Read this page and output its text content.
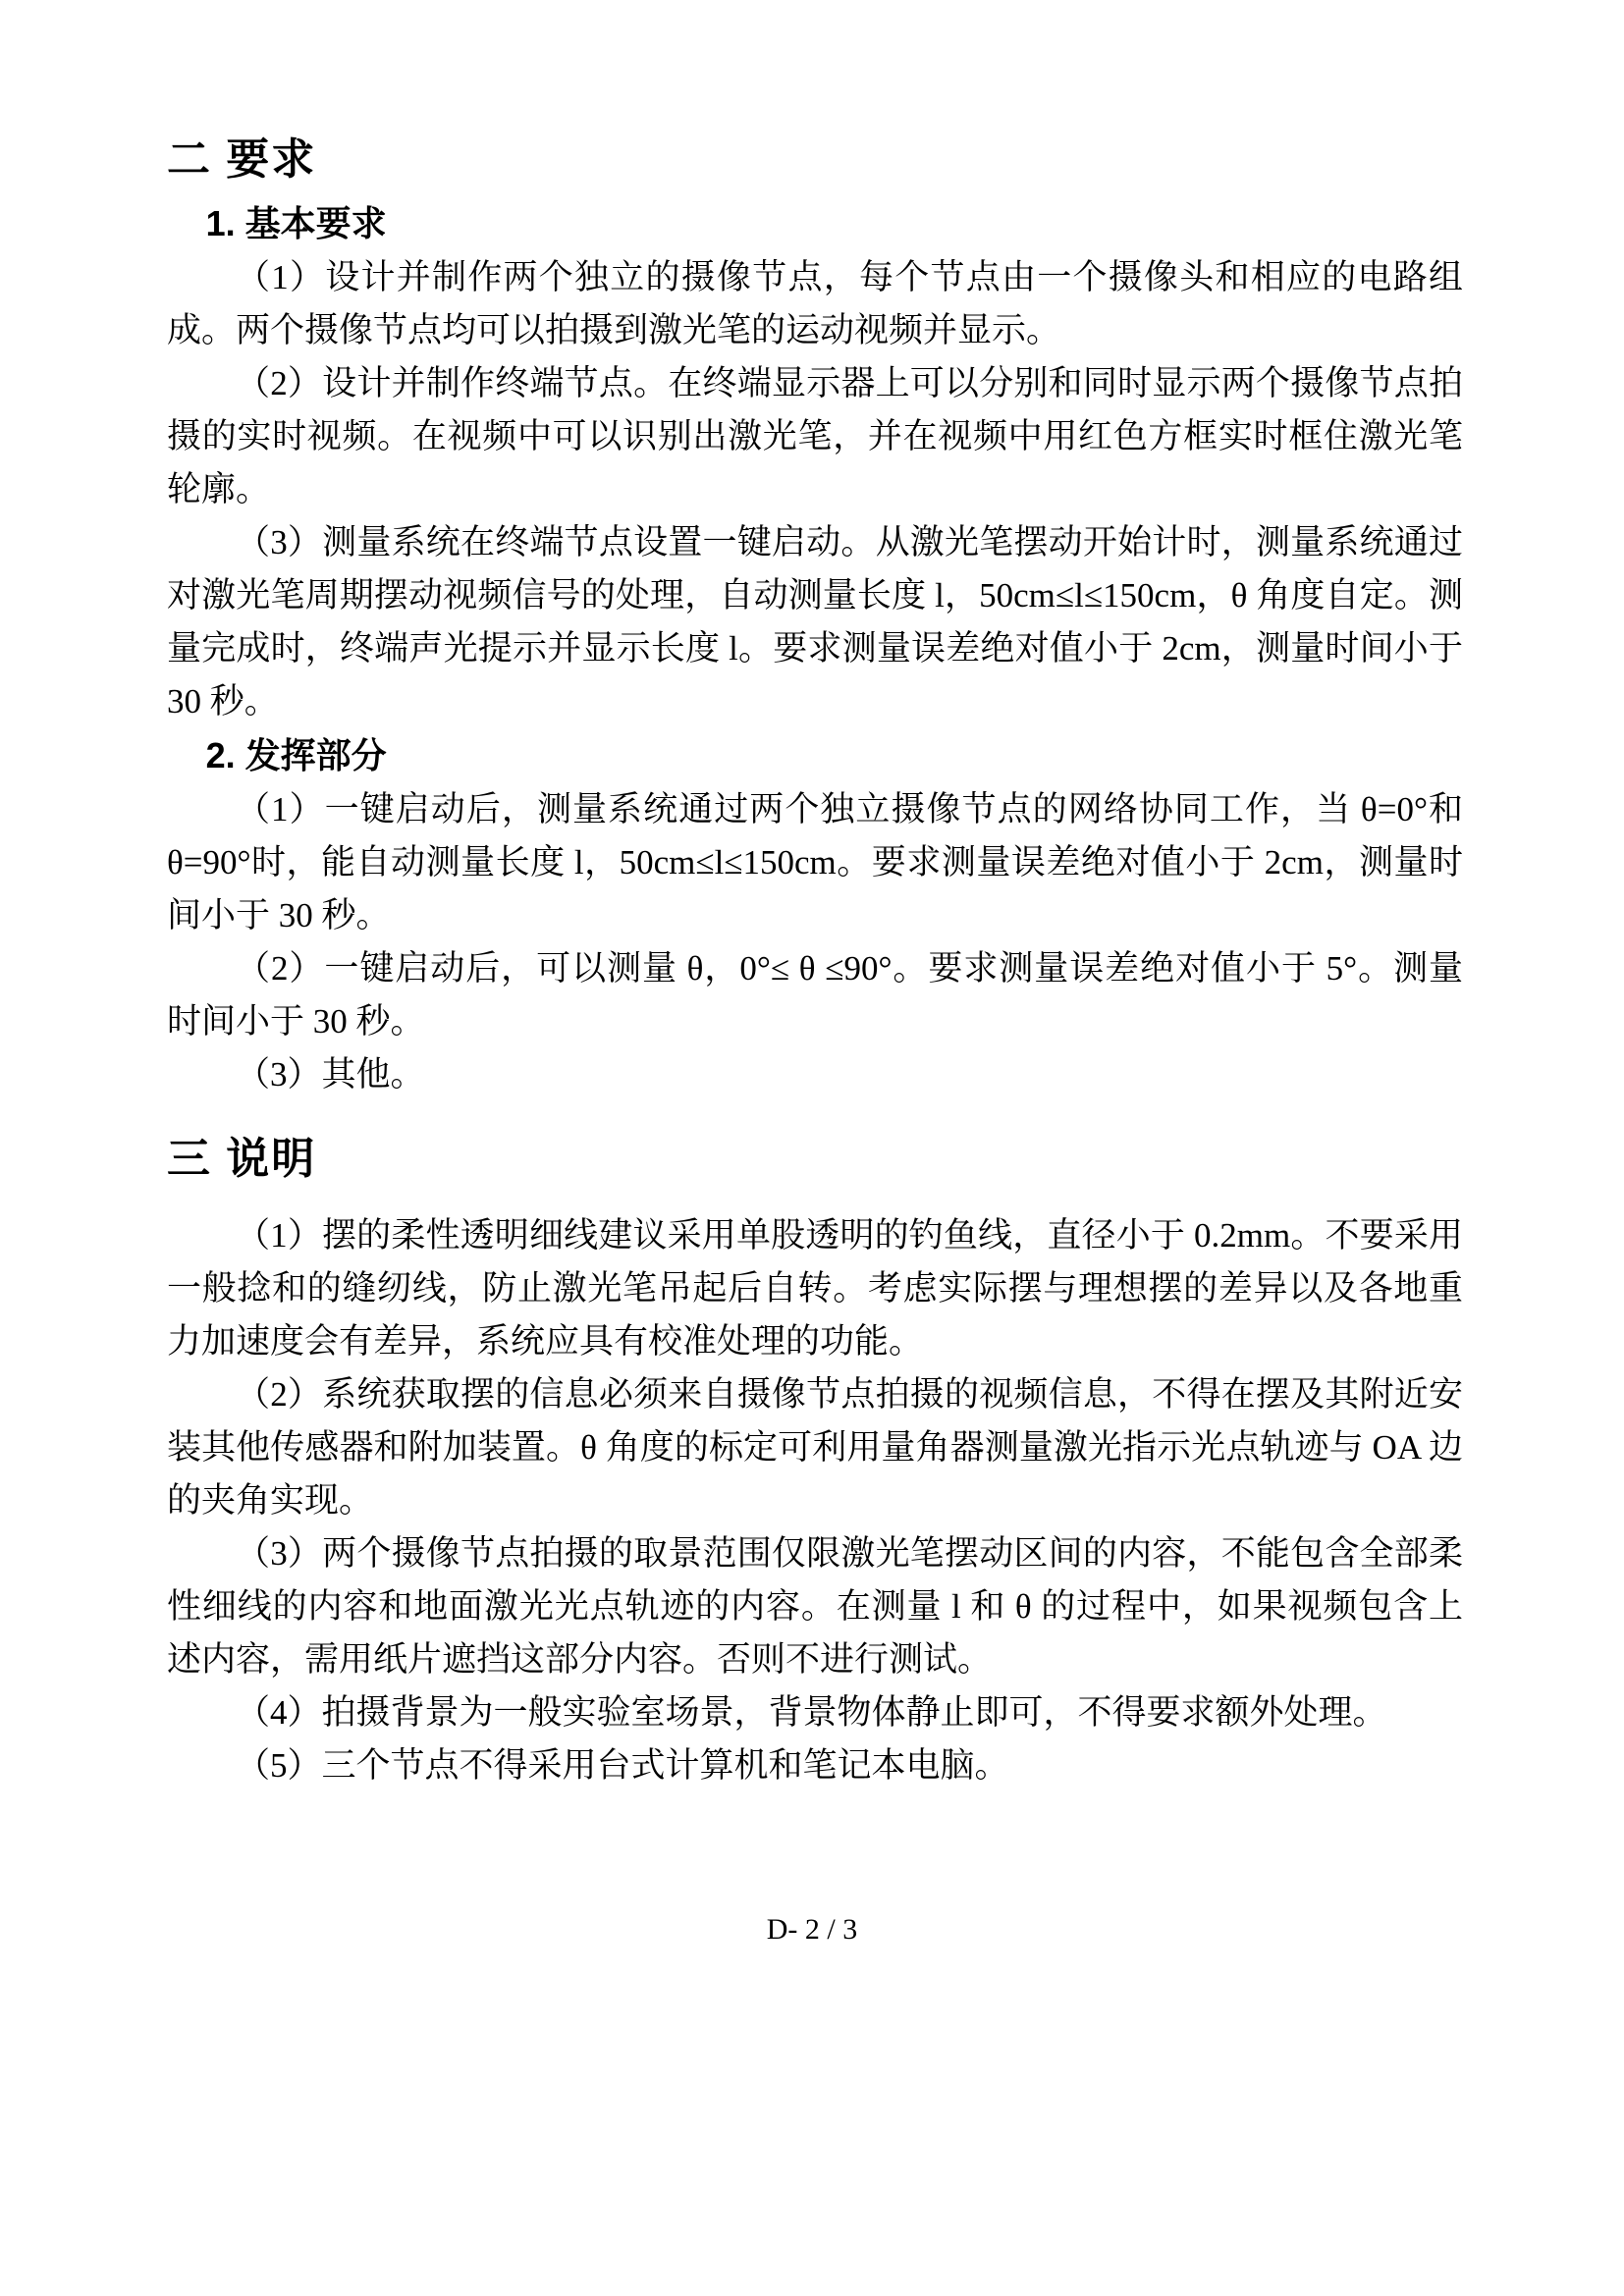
二 要求
1. 基本要求

（1）设计并制作两个独立的摄像节点，每个节点由一个摄像头和相应的电路组成。两个摄像节点均可以拍摄到激光笔的运动视频并显示。

（2）设计并制作终端节点。在终端显示器上可以分别和同时显示两个摄像节点拍摄的实时视频。在视频中可以识别出激光笔，并在视频中用红色方框实时框住激光笔轮廓。

（3）测量系统在终端节点设置一键启动。从激光笔摆动开始计时，测量系统通过对激光笔周期摆动视频信号的处理，自动测量长度 l，50cm≤l≤150cm，θ 角度自定。测量完成时，终端声光提示并显示长度 l。要求测量误差绝对值小于 2cm，测量时间小于 30 秒。

2. 发挥部分

（1）一键启动后，测量系统通过两个独立摄像节点的网络协同工作，当 θ=0°和 θ=90°时，能自动测量长度 l，50cm≤l≤150cm。要求测量误差绝对值小于 2cm，测量时间小于 30 秒。

（2）一键启动后，可以测量 θ，0°≤ θ ≤90°。要求测量误差绝对值小于 5°。测量时间小于 30 秒。

（3）其他。

三 说明

（1）摆的柔性透明细线建议采用单股透明的钓鱼线，直径小于 0.2mm。不要采用一般捻和的缝纫线，防止激光笔吊起后自转。考虑实际摆与理想摆的差异以及各地重力加速度会有差异，系统应具有校准处理的功能。

（2）系统获取摆的信息必须来自摄像节点拍摄的视频信息，不得在摆及其附近安装其他传感器和附加装置。θ 角度的标定可利用量角器测量激光指示光点轨迹与 OA 边的夹角实现。

（3）两个摄像节点拍摄的取景范围仅限激光笔摆动区间的内容，不能包含全部柔性细线的内容和地面激光光点轨迹的内容。在测量 l 和 θ 的过程中，如果视频包含上述内容，需用纸片遮挡这部分内容。否则不进行测试。

（4）拍摄背景为一般实验室场景，背景物体静止即可，不得要求额外处理。

（5）三个节点不得采用台式计算机和笔记本电脑。

D- 2 / 3
